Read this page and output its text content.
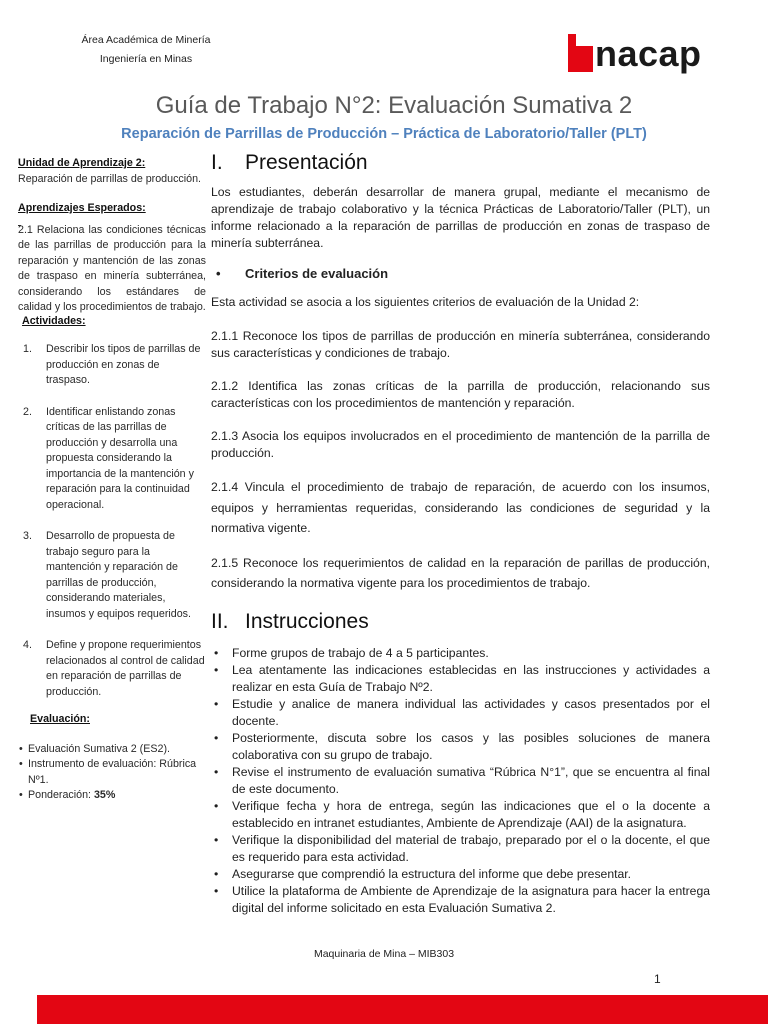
Área Académica de Minería
Ingeniería en Minas	nacap
Guía de Trabajo N°2: Evaluación Sumativa 2
Reparación de Parrillas de Producción – Práctica de Laboratorio/Taller (PLT)
Unidad de Aprendizaje 2:
Reparación de parrillas de producción.
Aprendizajes Esperados:

2.1 Relaciona las condiciones técnicas de las parrillas de producción para la reparación y mantención de las zonas de traspaso en minería subterránea, considerando los estándares de calidad y los procedimientos de trabajo.
Actividades:
1.	Describir los tipos de parrillas de producción en zonas de traspaso.
2.	Identificar enlistando zonas críticas de las parrillas de producción y desarrolla una propuesta considerando la importancia de la mantención y reparación para la continuidad operacional.
3.	Desarrollo de propuesta de trabajo seguro para la mantención y reparación de parrillas de producción, considerando materiales, insumos y equipos requeridos.
4.	Define y propone requerimientos relacionados al control de calidad en reparación de parrillas de producción.
Evaluación:
• Evaluación Sumativa 2 (ES2).
• Instrumento de evaluación: Rúbrica Nº1.
• Ponderación: 35%
I.	Presentación

Los estudiantes, deberán desarrollar de manera grupal, mediante el mecanismo de aprendizaje de trabajo colaborativo y la técnica Prácticas de Laboratorio/Taller (PLT), un informe relacionado a la reparación de parrillas de producción en zonas de traspaso de minería subterránea.

•	Criterios de evaluación

Esta actividad se asocia a los siguientes criterios de evaluación de la Unidad 2:

2.1.1 Reconoce los tipos de parrillas de producción en minería subterránea, considerando sus características y condiciones de trabajo.

2.1.2 Identifica las zonas críticas de la parrilla de producción, relacionando sus características con los procedimientos de mantención y reparación.

2.1.3 Asocia los equipos involucrados en el procedimiento de mantención de la parrilla de producción.

2.1.4 Vincula el procedimiento de trabajo de reparación, de acuerdo con los insumos, equipos y herramientas requeridas, considerando las condiciones de seguridad y la normativa vigente.

2.1.5 Reconoce los requerimientos de calidad en la reparación de parillas de producción, considerando la normativa vigente para los procedimientos de trabajo.

II. Instrucciones
•	Forme grupos de trabajo de 4 a 5 participantes.
•	Lea atentamente las indicaciones establecidas en las instrucciones y actividades a realizar en esta Guía de Trabajo Nº2.
•	Estudie y analice de manera individual las actividades y casos presentados por el docente.
•	Posteriormente, discuta sobre los casos y las posibles soluciones de manera colaborativa con su grupo de trabajo.
•	Revise el instrumento de evaluación sumativa “Rúbrica N°1”, que se encuentra al final de este documento.
•	Verifique fecha y hora de entrega, según las indicaciones que el o la docente a establecido en intranet estudiantes, Ambiente de Aprendizaje (AAI) de la asignatura.
•	Verifique la disponibilidad del material de trabajo, preparado por el o la docente, el que es requerido para esta actividad.
•	Asegurarse que comprendió la estructura del informe que debe presentar.
•	Utilice la plataforma de Ambiente de Aprendizaje de la asignatura para hacer la entrega digital del informe solicitado en esta Evaluación Sumativa 2.
Maquinaria de Mina – MIB303
1
